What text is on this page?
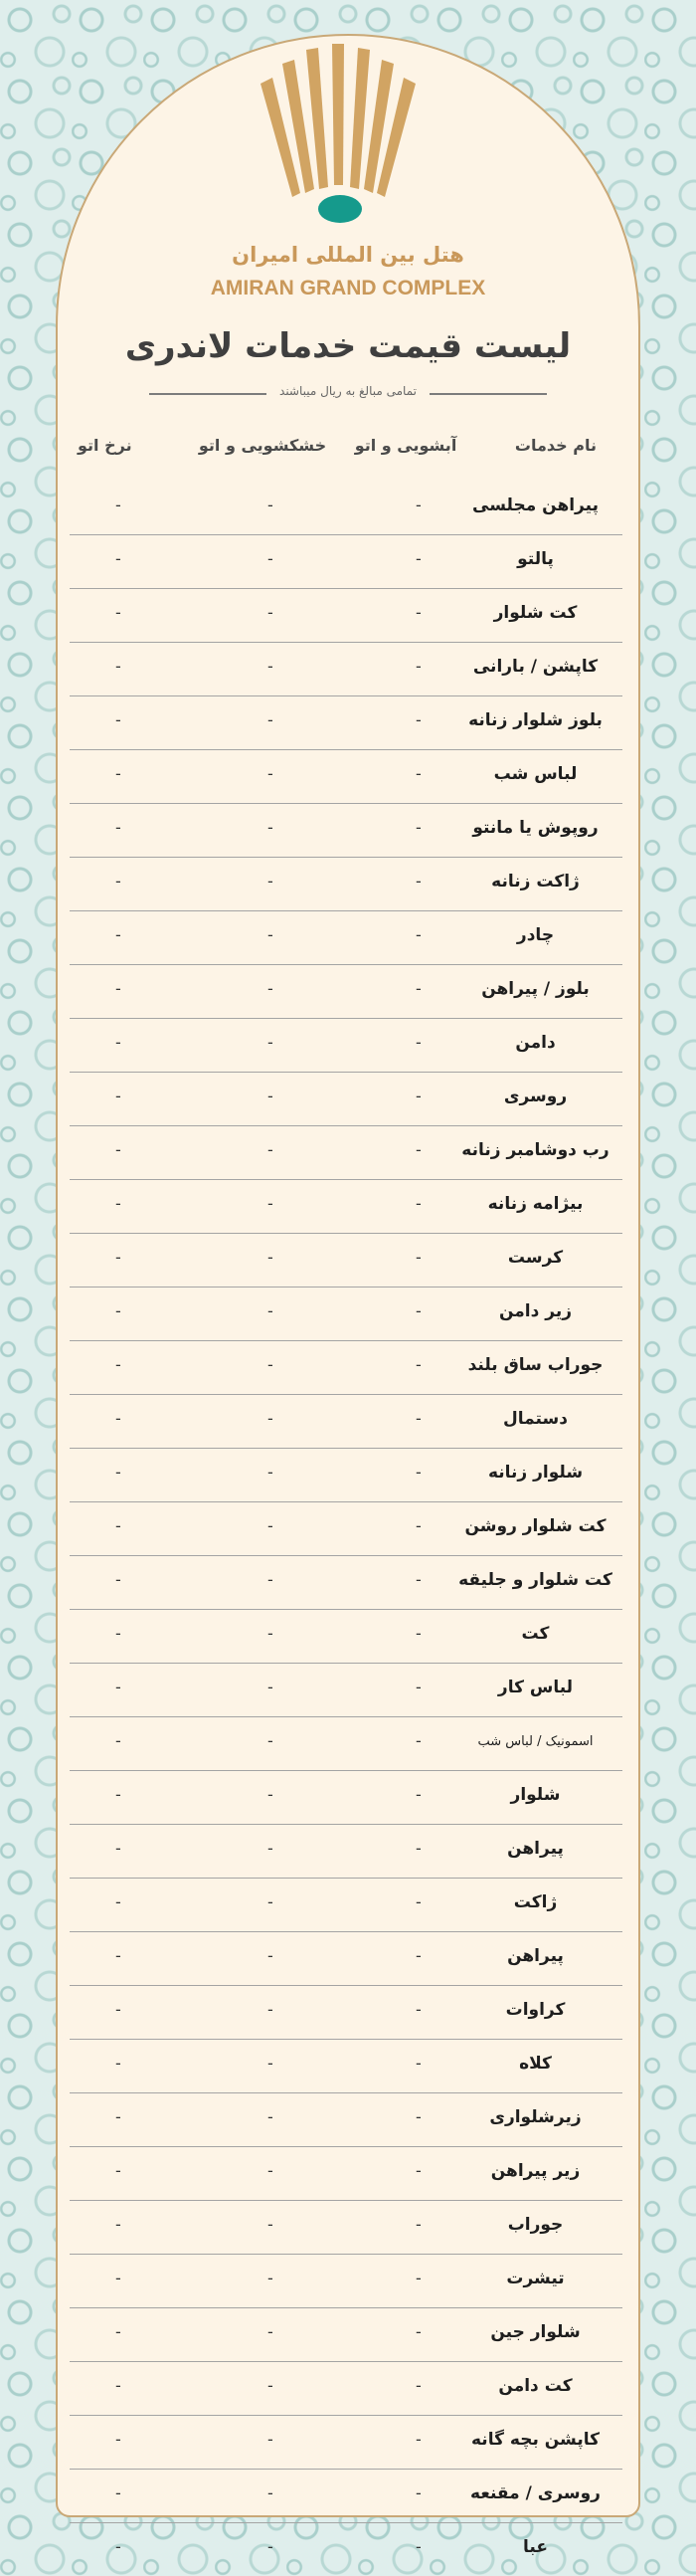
هتل بین المللی امیران
AMIRAN GRAND COMPLEX
لیست قیمت خدمات لاندری
تمامی مبالغ به ریال میباشند
نام خدمات
آبشویی و اتو
خشکشویی و اتو
نرخ اتو
پیراهن مجلسی
-
-
-
پالتو
-
-
-
کت شلوار
-
-
-
کاپشن / بارانی
-
-
-
بلوز شلوار زنانه
-
-
-
لباس شب
-
-
-
روپوش یا مانتو
-
-
-
ژاکت زنانه
-
-
-
چادر
-
-
-
بلوز / پیراهن
-
-
-
دامن
-
-
-
روسری
-
-
-
رب دوشامبر زنانه
-
-
-
بیژامه زنانه
-
-
-
کرست
-
-
-
زیر دامن
-
-
-
جوراب ساق بلند
-
-
-
دستمال
-
-
-
شلوار زنانه
-
-
-
کت شلوار روشن
-
-
-
کت شلوار و جلیقه
-
-
-
کت
-
-
-
لباس کار
-
-
-
اسمونیک / لباس شب
-
-
-
شلوار
-
-
-
پیراهن
-
-
-
ژاکت
-
-
-
پیراهن
-
-
-
کراوات
-
-
-
کلاه
-
-
-
زیرشلواری
-
-
-
زیر پیراهن
-
-
-
جوراب
-
-
-
تیشرت
-
-
-
شلوار جین
-
-
-
کت دامن
-
-
-
کاپشن بچه گانه
-
-
-
روسری / مقنعه
-
-
-
عبا
-
-
-
